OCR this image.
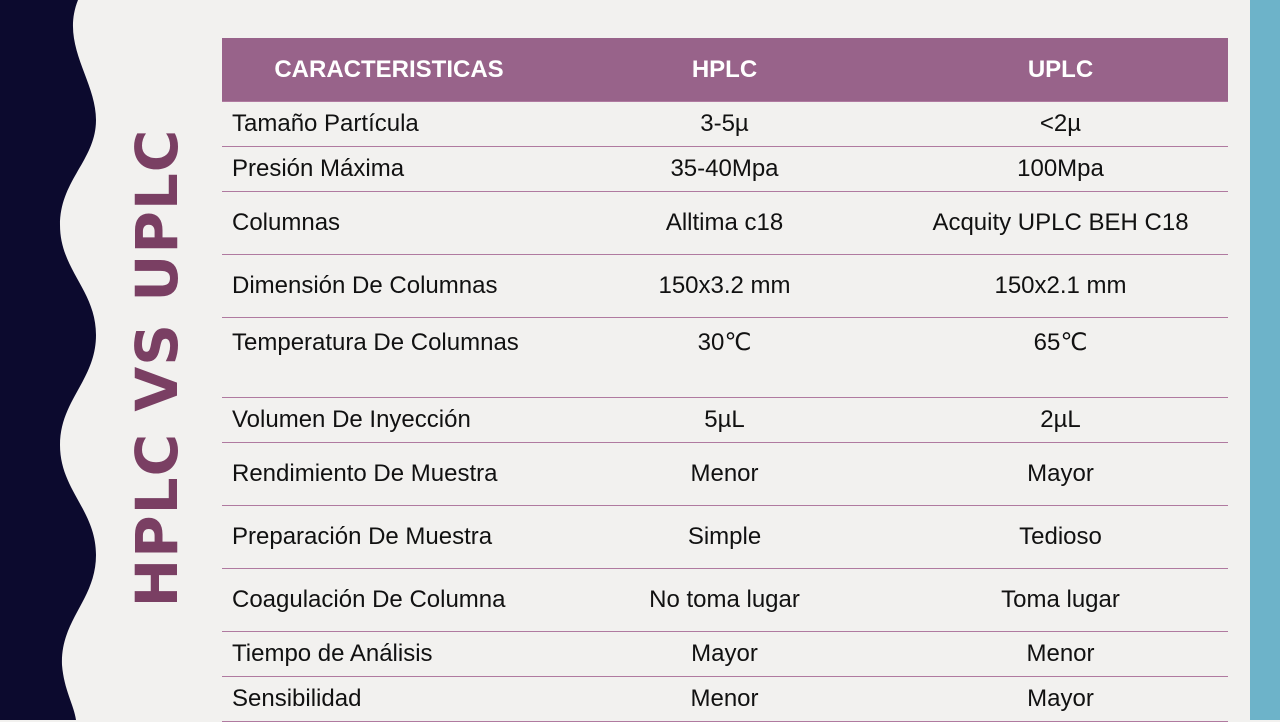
HPLC VS UPLC
CARACTERISTICAS	HPLC	UPLC
Tamaño Partícula	3-5µ	<2µ
Presión Máxima	35-40Mpa	100Mpa
Columnas	Alltima c18	Acquity UPLC BEH C18
Dimensión De Columnas	150x3.2 mm	150x2.1 mm
Temperatura De Columnas	30℃	65℃
Volumen De Inyección	5µL	2µL
Rendimiento De Muestra	Menor	Mayor
Preparación De Muestra	Simple	Tedioso
Coagulación De Columna	No toma lugar	Toma lugar
Tiempo de Análisis	Mayor	Menor
Sensibilidad	Menor	Mayor
